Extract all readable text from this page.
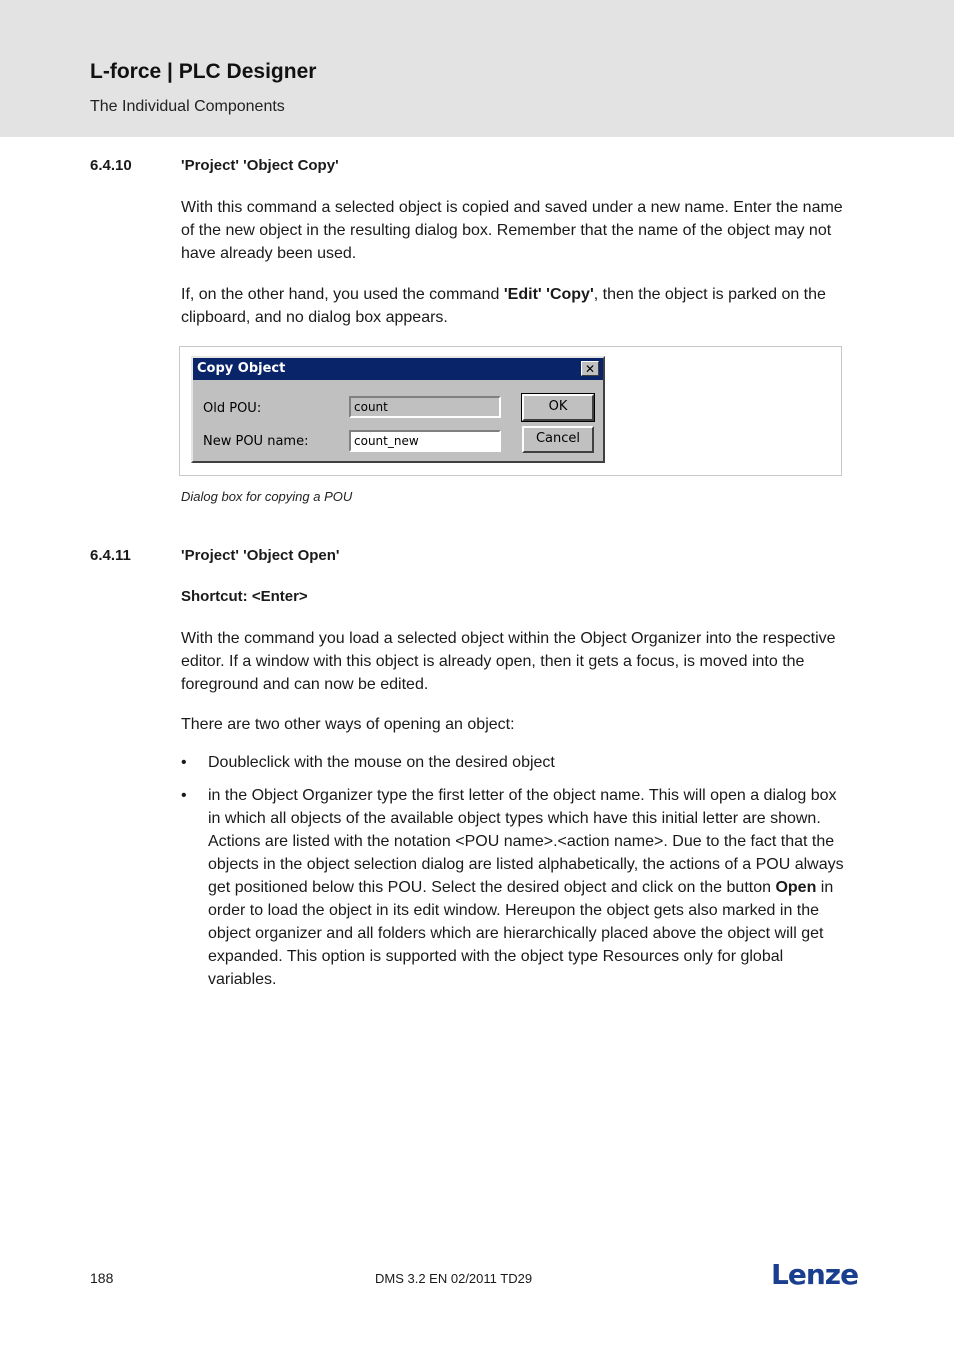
L-force | PLC Designer
The Individual Components
6.4.10	'Project' 'Object Copy'

With this command a selected object is copied and saved under a new name. Enter the name of the new object in the resulting dialog box. Remember that the name of the object may not have already been used.

If, on the other hand, you used the command 'Edit' 'Copy', then the object is parked on the clipboard, and no dialog box appears.

Copy Object	✕
Old POU:	count
New POU name:	count_new
OK
Cancel
Dialog box for copying a POU
6.4.11	'Project' 'Object Open'
Shortcut: <Enter>

With the command you load a selected object within the Object Organizer into the respective editor. If a window with this object is already open, then it gets a focus, is moved into the foreground and can now be edited.

There are two other ways of opening an object:

•	Doubleclick with the mouse on the desired object
•	in the Object Organizer type the first letter of the object name. This will open a dialog box in which all objects of the available object types which have this initial letter are shown. Actions are listed with the notation <POU name>.<action name>. Due to the fact that the objects in the object selection dialog are listed alphabetically, the actions of a POU always get positioned below this POU. Select the desired object and click on the button Open in order to load the object in its edit window. Hereupon the object gets also marked in the object organizer and all folders which are hierarchically placed above the object will get expanded. This option is supported with the object type Resources only for global variables.
188	DMS 3.2 EN 02/2011 TD29	Lenze
